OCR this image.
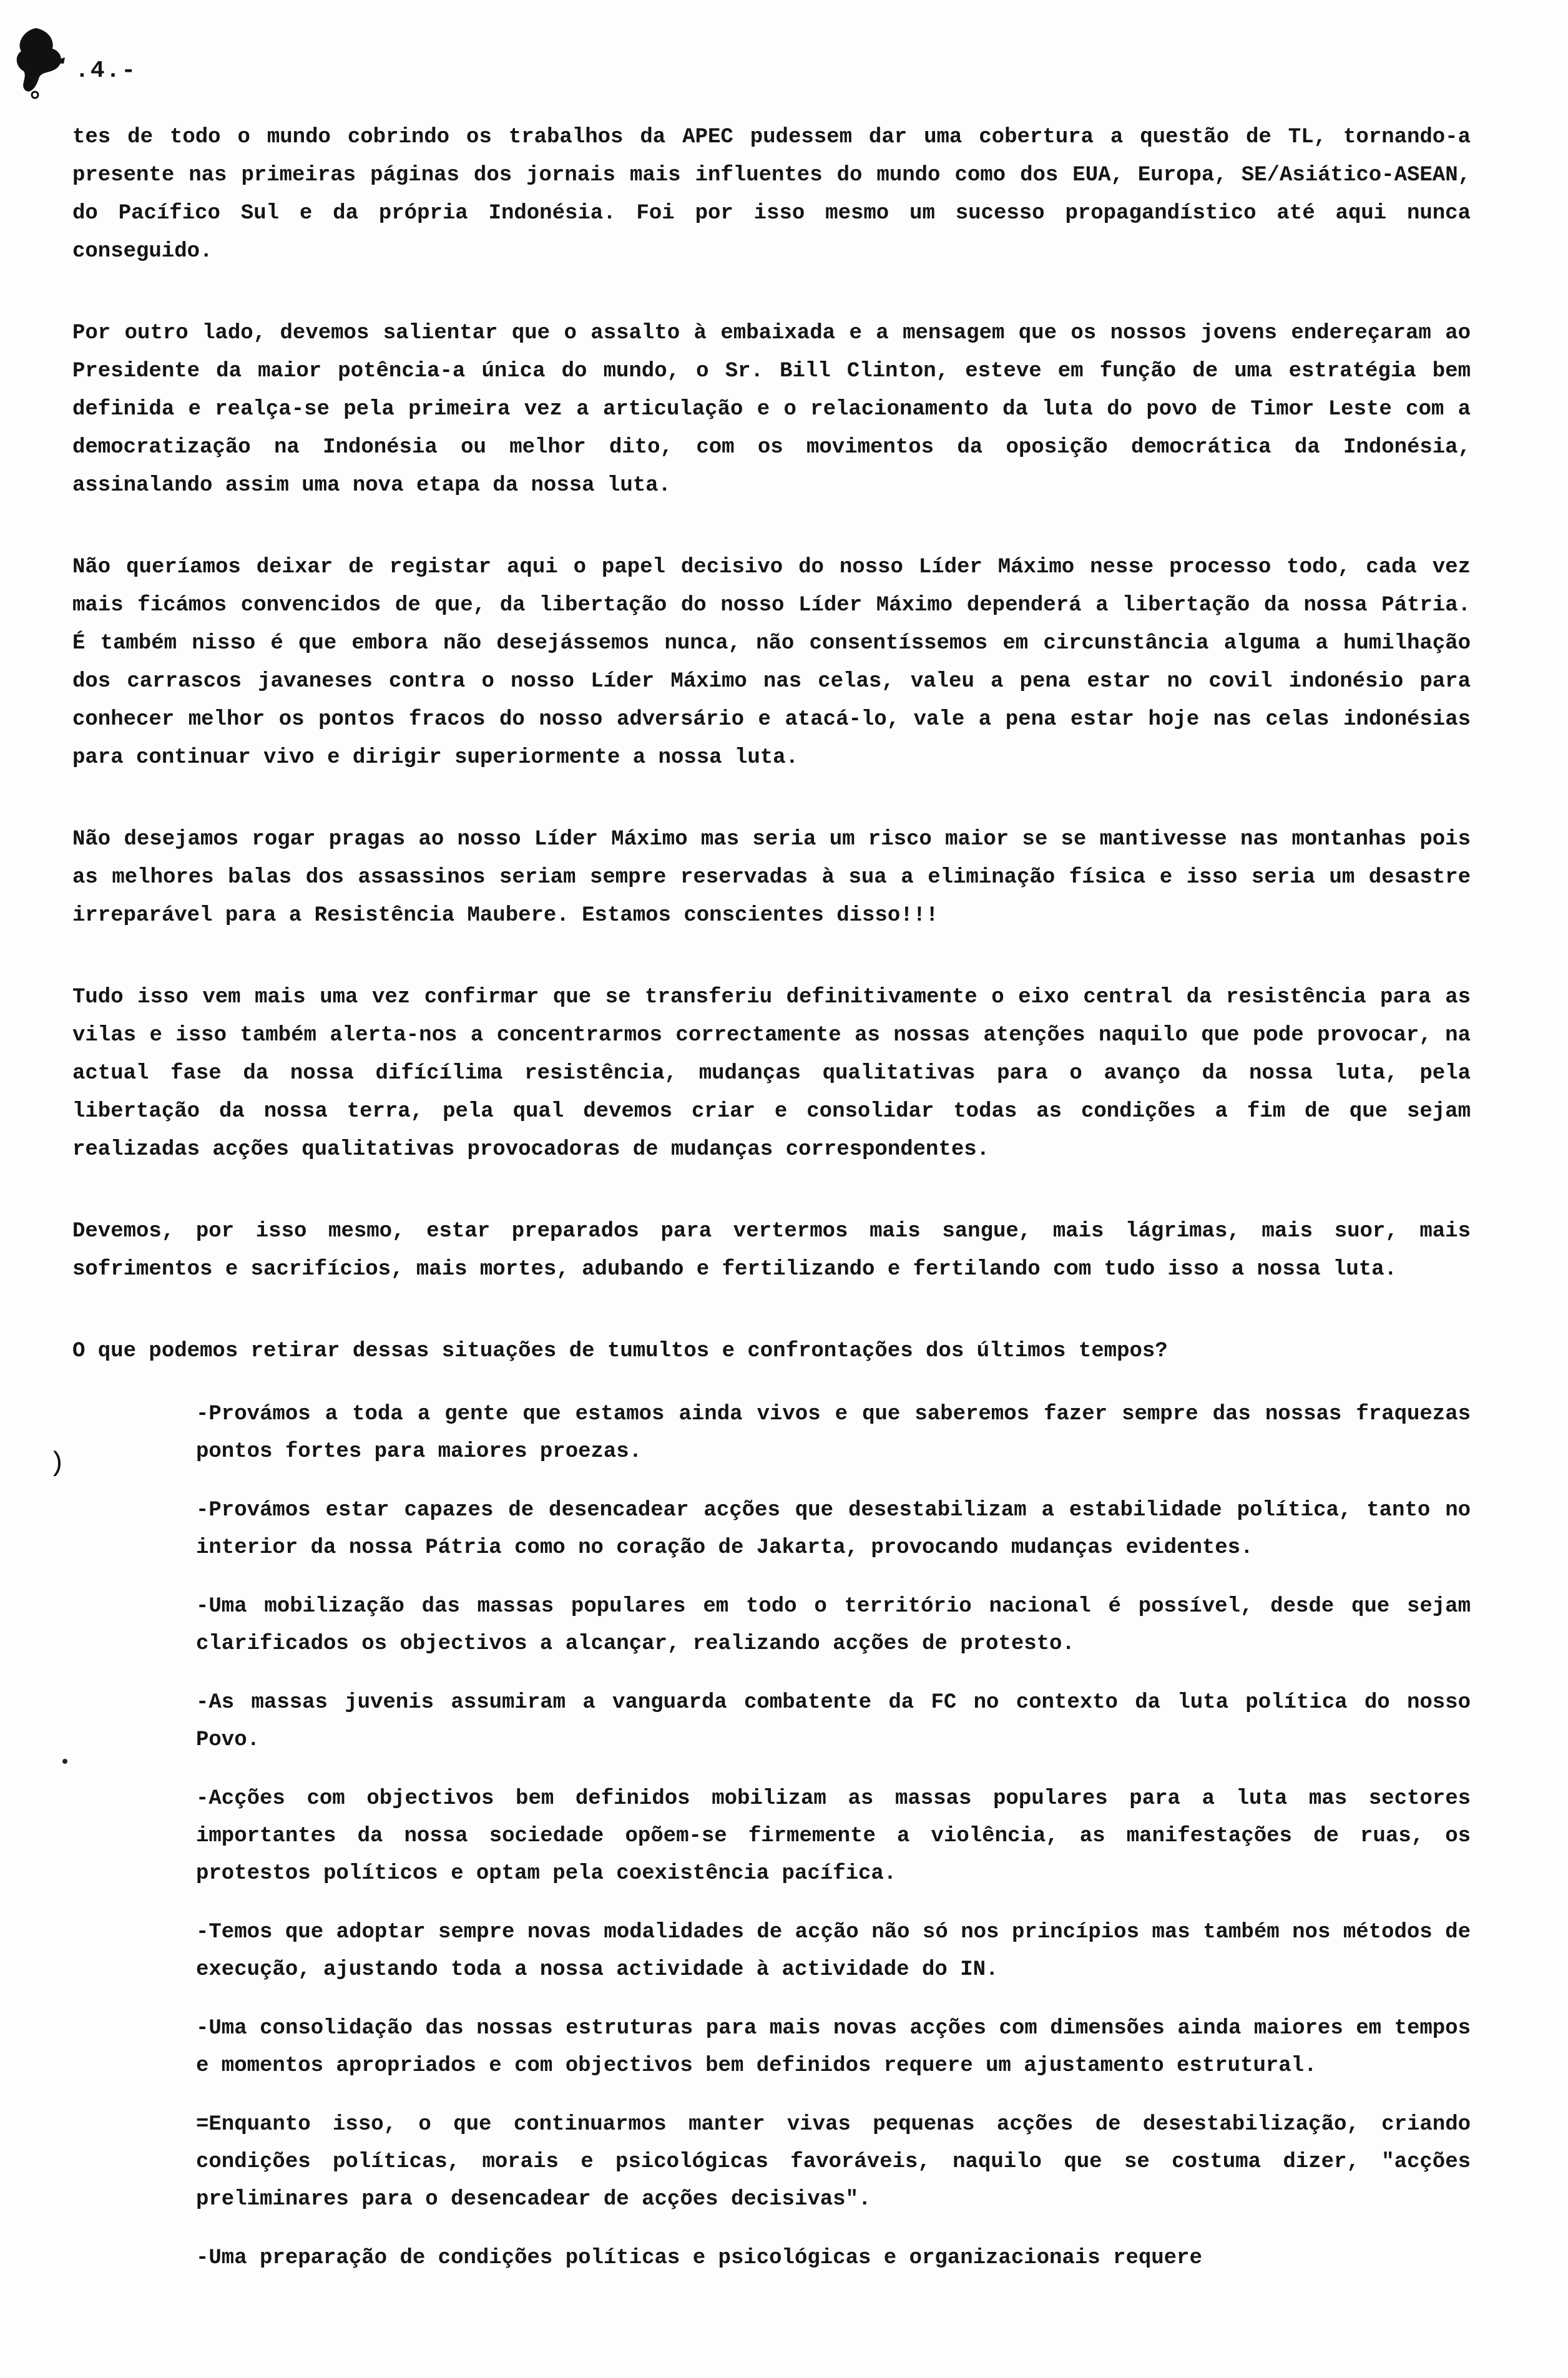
.4.-

tes de todo o mundo cobrindo os trabalhos da APEC pudessem dar uma cobertura a questão de TL, tornando-a presente nas primeiras páginas dos jornais mais influentes do mundo como dos EUA, Europa, SE/Asiático-ASEAN, do Pacífico Sul e da própria Indonésia. Foi por isso mesmo um sucesso propagandístico até aqui nunca conseguido.

Por outro lado, devemos salientar que o assalto à embaixada e a mensagem que os nossos jovens endereçaram ao Presidente da maior potência-a única do mundo, o Sr. Bill Clinton, esteve em função de uma estratégia bem definida e realça-se pela primeira vez a articulação e o relacionamento da luta do povo de Timor Leste com a democratização na Indonésia ou melhor dito, com os movimentos da oposição democrática da Indonésia, assinalando assim uma nova etapa da nossa luta.

Não queríamos deixar de registar aqui o papel decisivo do nosso Líder Máximo nesse processo todo, cada vez mais ficámos convencidos de que, da libertação do nosso Líder Máximo dependerá a libertação da nossa Pátria. É também nisso é que embora não desejássemos nunca, não consentíssemos em circunstância alguma a humilhação dos carrascos javaneses contra o nosso Líder Máximo nas celas, valeu a pena estar no covil indonésio para conhecer melhor os pontos fracos do nosso adversário e atacá-lo, vale a pena estar hoje nas celas indonésias para continuar vivo e dirigir superiormente a nossa luta.

Não desejamos rogar pragas ao nosso Líder Máximo mas seria um risco maior se se mantivesse nas montanhas pois as melhores balas dos assassinos seriam sempre reservadas à sua a eliminação física e isso seria um desastre irreparável para a Resistência Maubere. Estamos conscientes disso!!!

Tudo isso vem mais uma vez confirmar que se transferiu definitivamente o eixo central da resistência para as vilas e isso também alerta-nos a concentrarmos correctamente as nossas atenções naquilo que pode provocar, na actual fase da nossa difícílima resistência, mudanças qualitativas para o avanço da nossa luta, pela libertação da nossa terra, pela qual devemos criar e consolidar todas as condições a fim de que sejam realizadas acções qualitativas provocadoras de mudanças correspondentes.

Devemos, por isso mesmo, estar preparados para vertermos mais sangue, mais lágrimas, mais suor, mais sofrimentos e sacrifícios, mais mortes, adubando e fertilizando e fertilando com tudo isso a nossa luta.

O que podemos retirar dessas situações de tumultos e confrontações dos últimos tempos?

-Provámos a toda a gente que estamos ainda vivos e que saberemos fazer sempre das nossas fraquezas pontos fortes para maiores proezas.
-Provámos estar capazes de desencadear acções que desestabilizam a estabilidade política, tanto no interior da nossa Pátria como no coração de Jakarta, provocando mudanças evidentes.
-Uma mobilização das massas populares em todo o território nacional é possível, desde que sejam clarificados os objectivos a alcançar, realizando acções de protesto.
-As massas juvenis assumiram a vanguarda combatente da FC no contexto da luta política do nosso Povo.
-Acções com objectivos bem definidos mobilizam as massas populares para a luta mas sectores importantes da nossa sociedade opõem-se firmemente a violência, as manifestações de ruas, os protestos políticos e optam pela coexistência pacífica.
-Temos que adoptar sempre novas modalidades de acção não só nos princípios mas também nos métodos de execução, ajustando toda a nossa actividade à actividade do IN.
-Uma consolidação das nossas estruturas para mais novas acções com dimensões ainda maiores em tempos e momentos apropriados e com objectivos bem definidos requere um ajustamento estrutural.
=Enquanto isso, o que continuarmos manter vivas pequenas acções de desestabilização, criando condições políticas, morais e psicológicas favoráveis, naquilo que se costuma dizer, "acções preliminares para o desencadear de acções decisivas".
-Uma preparação de condições políticas e psicológicas e organizacionais requere
)
